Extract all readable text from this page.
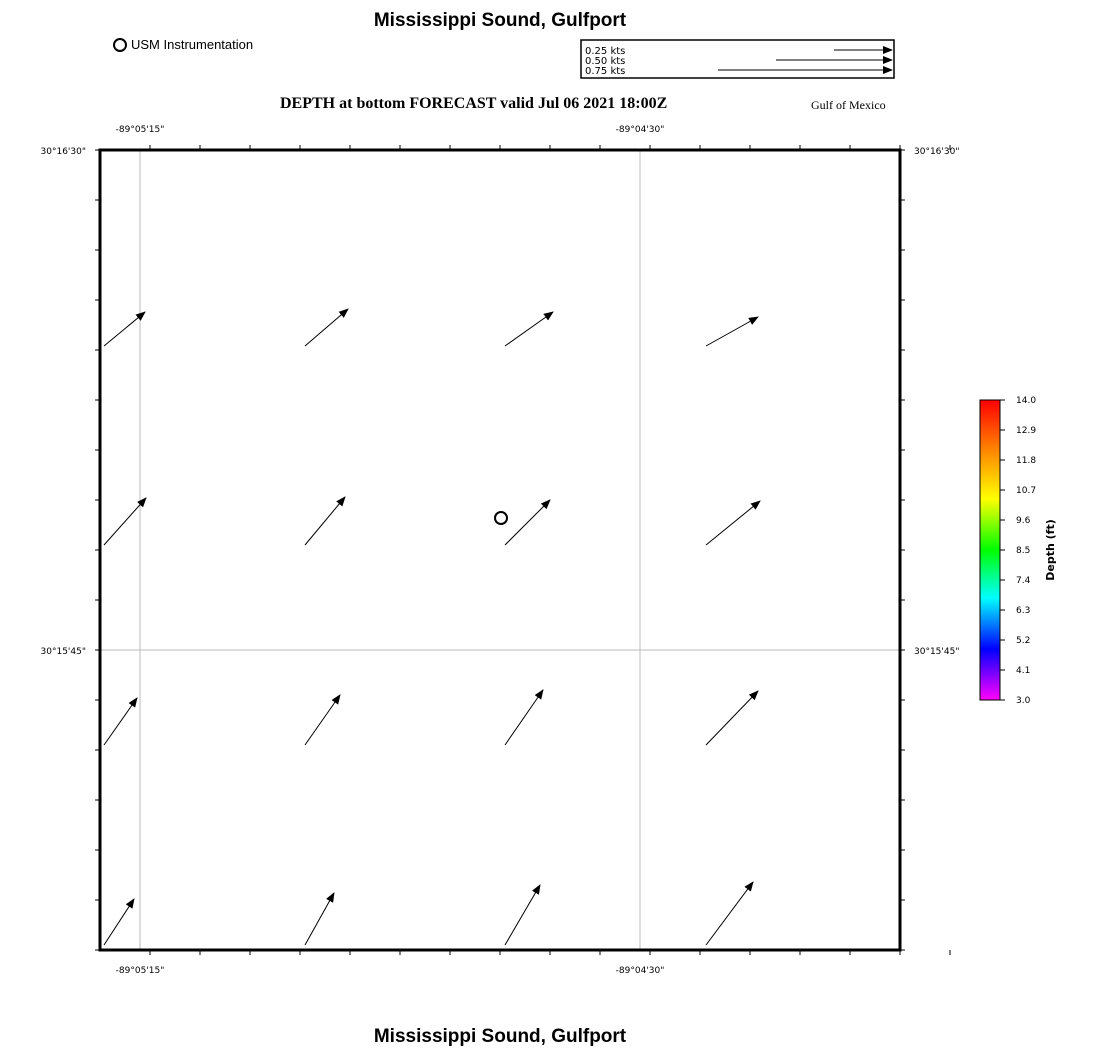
Mississippi Sound, Gulfport
USM Instrumentation
DEPTH at bottom FORECAST valid Jul 06 2021 18:00Z	Gulf of Mexico
0.25 kts
0.50 kts
0.75 kts
-89°05'15"	-89°04'30"
-89°05'15"	-89°04'30"
30°16'30"
30°15'45"
30°16'30"
30°15'45"
14.0
12.9
11.8
10.7
9.6
8.5
7.4
6.3
5.2
4.1
3.0
Depth (ft)
Mississippi Sound, Gulfport
